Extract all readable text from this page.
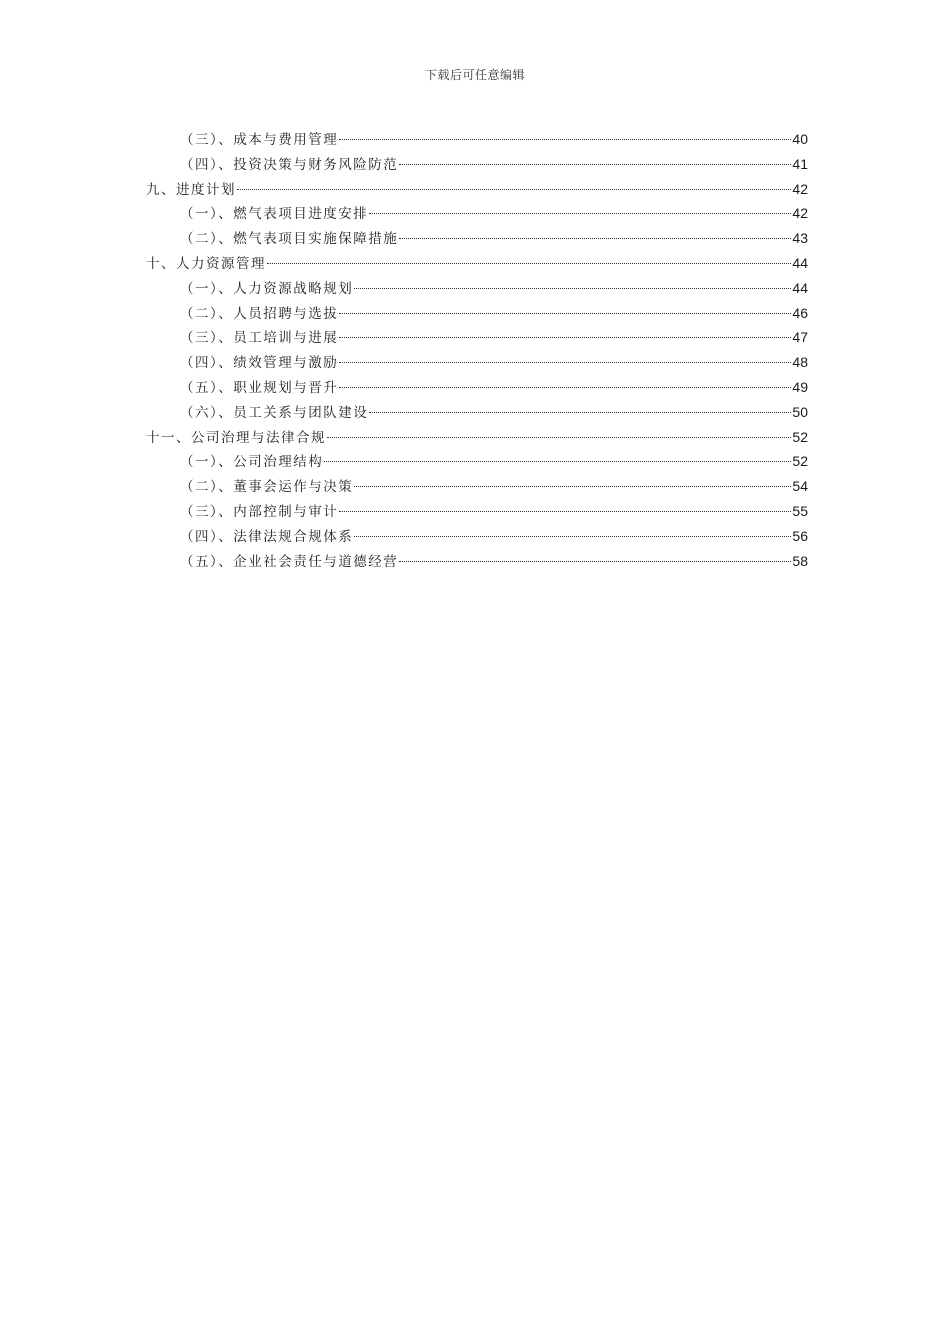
下载后可任意编辑
（三）、成本与费用管理	40
（四）、投资决策与财务风险防范	41
九、进度计划	42
（一）、燃气表项目进度安排	42
（二）、燃气表项目实施保障措施	43
十、人力资源管理	44
（一）、人力资源战略规划	44
（二）、人员招聘与选拔	46
（三）、员工培训与进展	47
（四）、绩效管理与激励	48
（五）、职业规划与晋升	49
（六）、员工关系与团队建设	50
十一、公司治理与法律合规	52
（一）、公司治理结构	52
（二）、董事会运作与决策	54
（三）、内部控制与审计	55
（四）、法律法规合规体系	56
（五）、企业社会责任与道德经营	58
